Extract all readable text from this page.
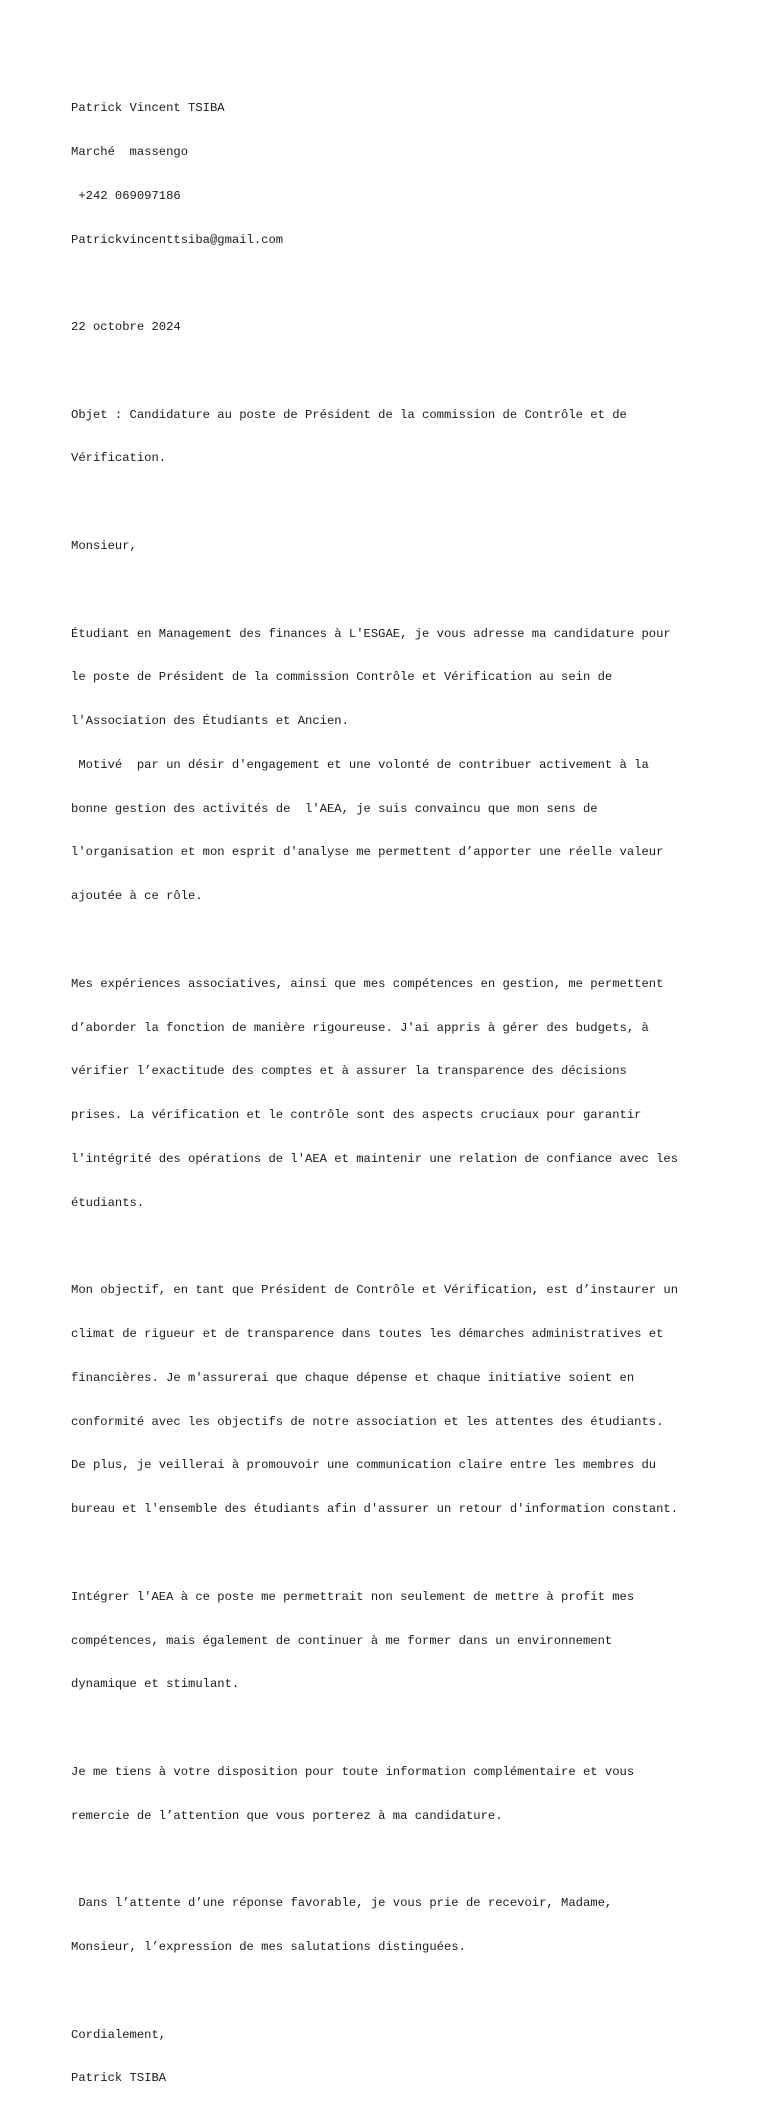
Patrick Vincent TSIBA

Marché  massengo

+242 069097186

Patrickvincenttsiba@gmail.com

22 octobre 2024

Objet : Candidature au poste de Président de la commission de Contrôle et de

Vérification.

Monsieur,

Étudiant en Management des finances à L'ESGAE, je vous adresse ma candidature pour

le poste de Président de la commission Contrôle et Vérification au sein de

l'Association des Étudiants et Ancien.

Motivé  par un désir d'engagement et une volonté de contribuer activement à la

bonne gestion des activités de  l'AEA, je suis convaincu que mon sens de

l'organisation et mon esprit d'analyse me permettent d’apporter une réelle valeur

ajoutée à ce rôle.

Mes expériences associatives, ainsi que mes compétences en gestion, me permettent

d’aborder la fonction de manière rigoureuse. J'ai appris à gérer des budgets, à

vérifier l’exactitude des comptes et à assurer la transparence des décisions

prises. La vérification et le contrôle sont des aspects cruciaux pour garantir

l'intégrité des opérations de l'AEA et maintenir une relation de confiance avec les

étudiants.

Mon objectif, en tant que Président de Contrôle et Vérification, est d’instaurer un

climat de rigueur et de transparence dans toutes les démarches administratives et

financières. Je m'assurerai que chaque dépense et chaque initiative soient en

conformité avec les objectifs de notre association et les attentes des étudiants.

De plus, je veillerai à promouvoir une communication claire entre les membres du

bureau et l'ensemble des étudiants afin d'assurer un retour d'information constant.

Intégrer l'AEA à ce poste me permettrait non seulement de mettre à profit mes

compétences, mais également de continuer à me former dans un environnement

dynamique et stimulant.

Je me tiens à votre disposition pour toute information complémentaire et vous

remercie de l’attention que vous porterez à ma candidature.

Dans l’attente d’une réponse favorable, je vous prie de recevoir, Madame,

Monsieur, l’expression de mes salutations distinguées.

Cordialement,

Patrick TSIBA
